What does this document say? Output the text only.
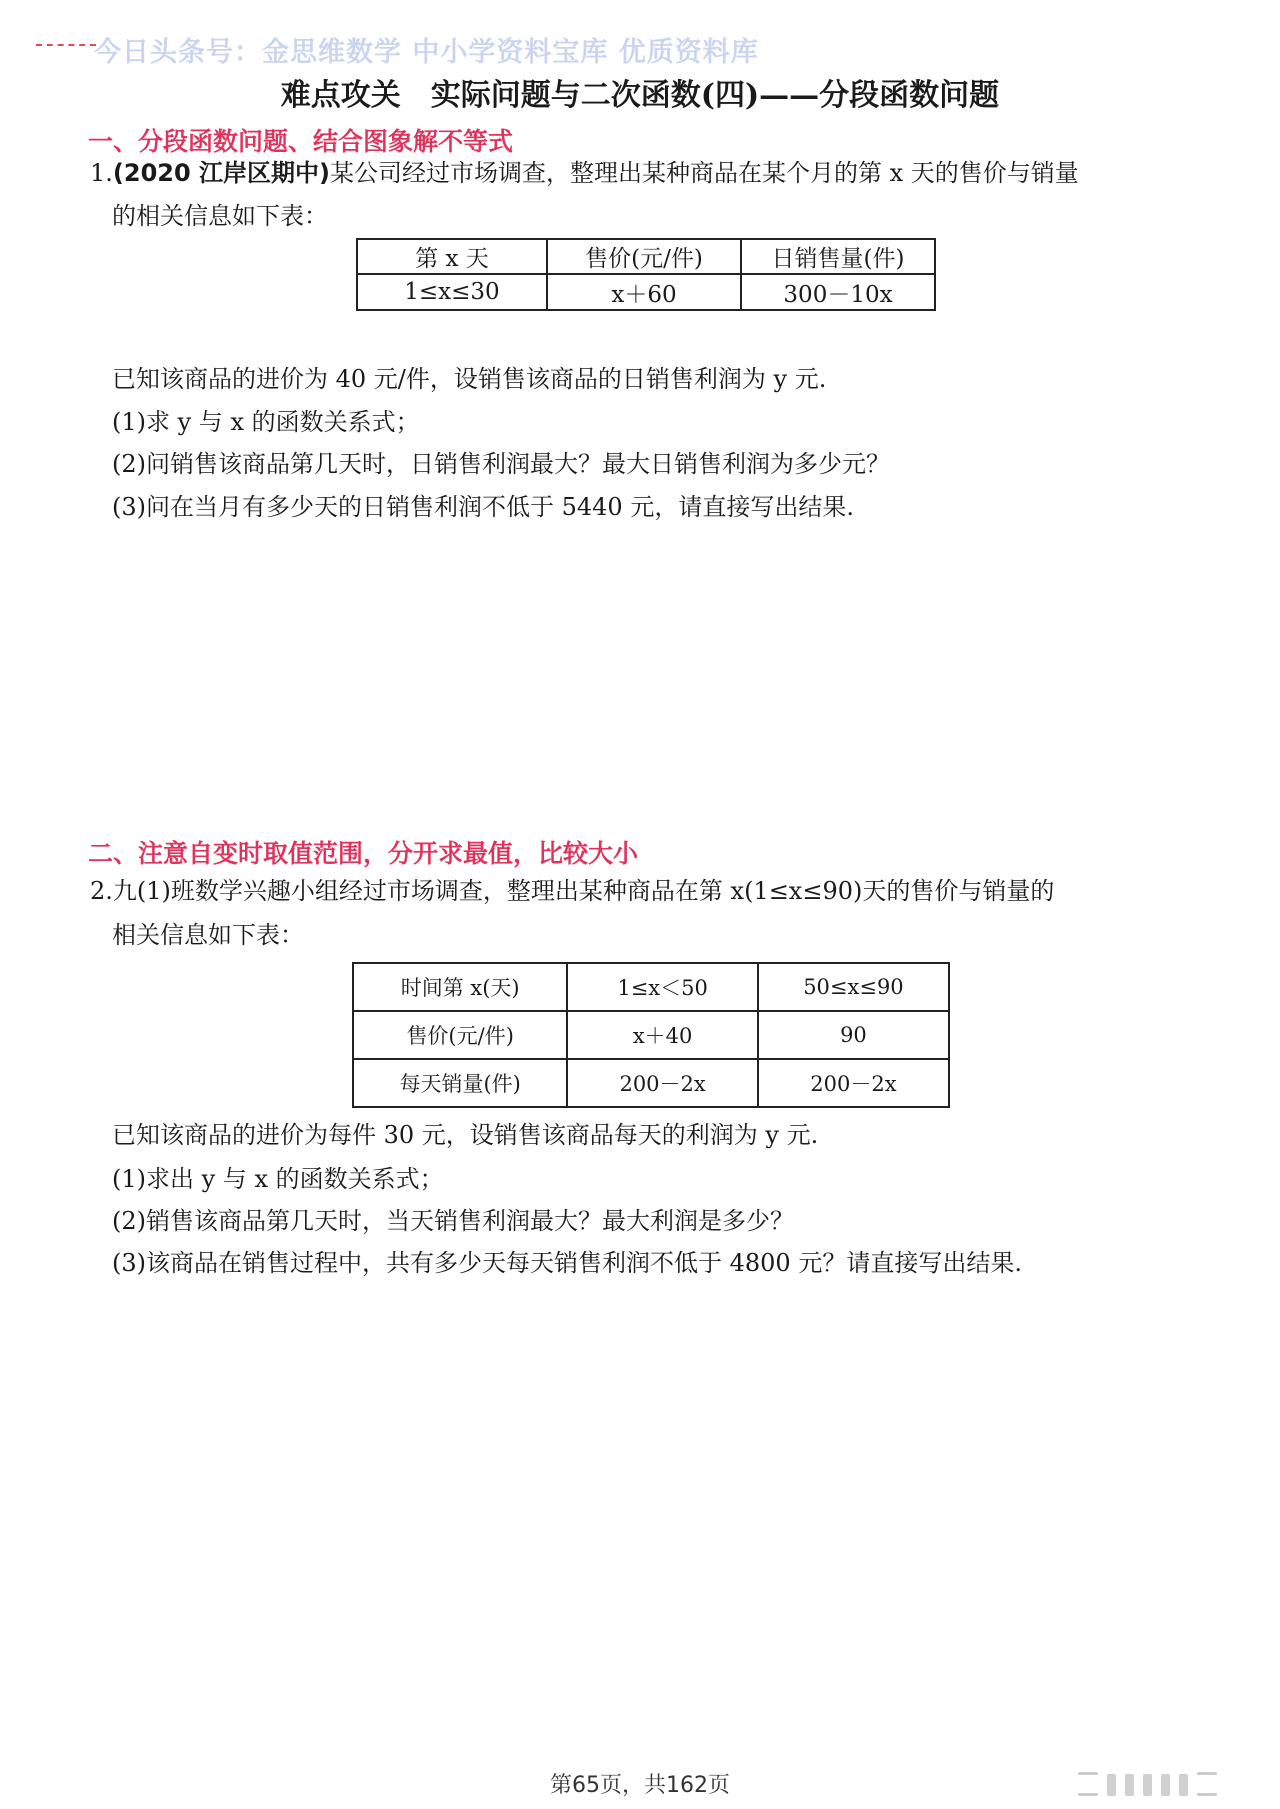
今日头条号：金思维数学 中小学资料宝库 优质资料库
难点攻关　实际问题与二次函数(四)——分段函数问题
一、分段函数问题、结合图象解不等式
1.(2020 江岸区期中)某公司经过市场调查，整理出某种商品在某个月的第 x 天的售价与销量
的相关信息如下表：
第 x 天	售价(元/件)	日销售量(件)
1≤x≤30	x＋60	300－10x
已知该商品的进价为 40 元/件，设销售该商品的日销售利润为 y 元.
(1)求 y 与 x 的函数关系式；
(2)问销售该商品第几天时，日销售利润最大？最大日销售利润为多少元？
(3)问在当月有多少天的日销售利润不低于 5440 元，请直接写出结果.
二、注意自变时取值范围，分开求最值，比较大小
2.九(1)班数学兴趣小组经过市场调查，整理出某种商品在第 x(1≤x≤90)天的售价与销量的
相关信息如下表：
时间第 x(天)	1≤x＜50	50≤x≤90
售价(元/件)	x＋40	90
每天销量(件)	200－2x	200－2x
已知该商品的进价为每件 30 元，设销售该商品每天的利润为 y 元.
(1)求出 y 与 x 的函数关系式；
(2)销售该商品第几天时，当天销售利润最大？最大利润是多少？
(3)该商品在销售过程中，共有多少天每天销售利润不低于 4800 元？请直接写出结果.
第65页，共162页
